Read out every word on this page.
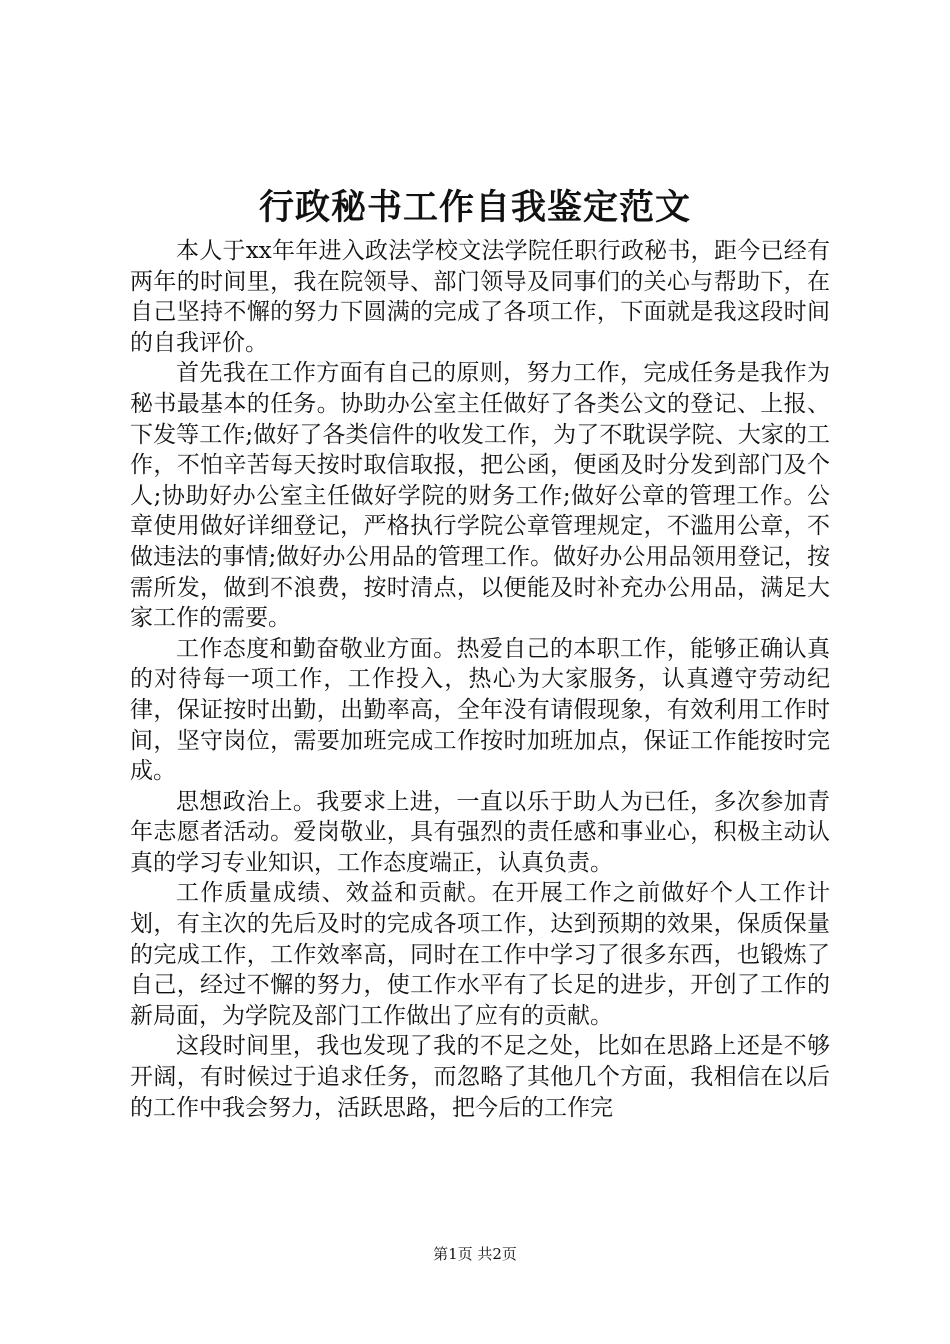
行政秘书工作自我鉴定范文

本人于xx年年进入政法学校文法学院任职行政秘书，距今已经有两年的时间里，我在院领导、部门领导及同事们的关心与帮助下，在自己坚持不懈的努力下圆满的完成了各项工作，下面就是我这段时间的自我评价。

首先我在工作方面有自己的原则，努力工作，完成任务是我作为秘书最基本的任务。协助办公室主任做好了各类公文的登记、上报、下发等工作;做好了各类信件的收发工作，为了不耽误学院、大家的工作，不怕辛苦每天按时取信取报，把公函，便函及时分发到部门及个人;协助好办公室主任做好学院的财务工作;做好公章的管理工作。公章使用做好详细登记，严格执行学院公章管理规定，不滥用公章，不做违法的事情;做好办公用品的管理工作。做好办公用品领用登记，按需所发，做到不浪费，按时清点，以便能及时补充办公用品，满足大家工作的需要。

工作态度和勤奋敬业方面。热爱自己的本职工作，能够正确认真的对待每一项工作，工作投入，热心为大家服务，认真遵守劳动纪律，保证按时出勤，出勤率高，全年没有请假现象，有效利用工作时间，坚守岗位，需要加班完成工作按时加班加点，保证工作能按时完成。

思想政治上。我要求上进，一直以乐于助人为已任，多次参加青年志愿者活动。爱岗敬业，具有强烈的责任感和事业心，积极主动认真的学习专业知识，工作态度端正，认真负责。

工作质量成绩、效益和贡献。在开展工作之前做好个人工作计划，有主次的先后及时的完成各项工作，达到预期的效果，保质保量的完成工作，工作效率高，同时在工作中学习了很多东西，也锻炼了自己，经过不懈的努力，使工作水平有了长足的进步，开创了工作的新局面，为学院及部门工作做出了应有的贡献。

这段时间里，我也发现了我的不足之处，比如在思路上还是不够开阔，有时候过于追求任务，而忽略了其他几个方面，我相信在以后的工作中我会努力，活跃思路，把今后的工作完

第1页 共2页
